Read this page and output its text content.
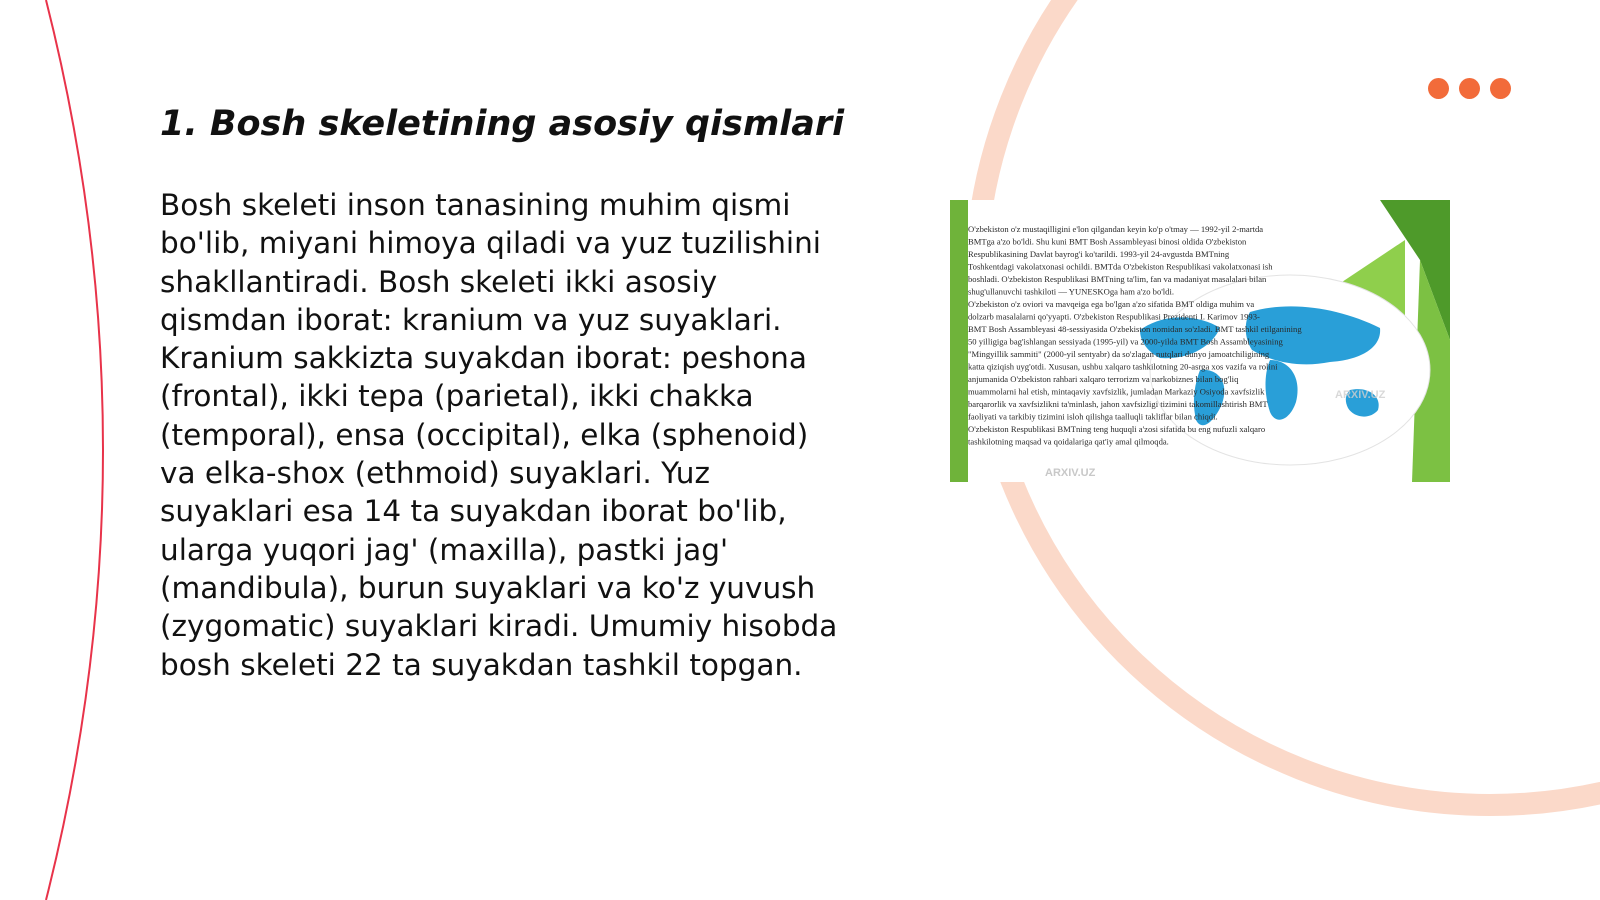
1. Bosh skeletining asosiy qismlari

Bosh skeleti inson tanasining muhim qismi bo'lib, miyani himoya qiladi va yuz tuzilishini shakllantiradi. Bosh skeleti ikki asosiy qismdan iborat: kranium va yuz suyaklari. Kranium sakkizta suyakdan iborat: peshona (frontal), ikki tepa (parietal), ikki chakka (temporal), ensa (occipital), elka (sphenoid) va elka-shox (ethmoid) suyaklari. Yuz suyaklari esa 14 ta suyakdan iborat bo'lib, ularga yuqori jag' (maxilla), pastki jag' (mandibula), burun suyaklari va ko'z yuvush (zygomatic) suyaklari kiradi. Umumiy hisobda bosh skeleti 22 ta suyakdan tashkil topgan.

O'zbekiston o'z mustaqilligini e'lon qilgandan keyin ko'p o'tmay — 1992-yil 2-martda
BMTga a'zo bo'ldi. Shu kuni BMT Bosh Assambleyasi binosi oldida O'zbekiston
Respublikasining Davlat bayrog'i ko'tarildi. 1993-yil 24-avgustda BMTning
Toshkentdagi vakolatxonasi ochildi. BMTda O'zbekiston Respublikasi vakolatxonasi ish
boshladi. O'zbekiston Respublikasi BMTning ta'lim, fan va madaniyat masalalari bilan
shug'ullanuvchi tashkiloti — YUNESKOga ham a'zo bo'ldi.
O'zbekiston o'z oviori va mavqeiga ega bo'lgan a'zo sifatida BMT oldiga muhim va
dolzarb masalalarni qo'yyapti. O'zbekiston Respublikasi Prezidenti I. Karimov 1993-
BMT Bosh Assambleyasi 48-sessiyasida O'zbekiston nomidan so'zladi. BMT tashkil etilganining
50 yilligiga bag'ishlangan sessiyada (1995-yil) va 2000-yilda BMT Bosh Assambleyasining
"Mingyillik sammiti" (2000-yil sentyabr) da so'zlagan nutqlari dunyo jamoatchiligining
katta qiziqish uyg'otdi. Xususan, ushbu xalqaro tashkilotning 20-asrga xos vazifa va rolini
anjumanida O'zbekiston rahbari xalqaro terrorizm va narkobiznes bilan bog'liq
muammolarni hal etish, mintaqaviy xavfsizlik, jumladan Markaziy Osiyoda xavfsizlik
barqarorlik va xavfsizlikni ta'minlash, jahon xavfsizligi tizimini takomillashtirish BMT
faoliyati va tarkibiy tizimini isloh qilishga taalluqli takliflar bilan chiqdi.
O'zbekiston Respublikasi BMTning teng huquqli a'zosi sifatida bu eng nufuzli xalqaro
tashkilotning maqsad va qoidalariga qat'iy amal qilmoqda.
ARXIV.UZ
ARXIV.UZ
